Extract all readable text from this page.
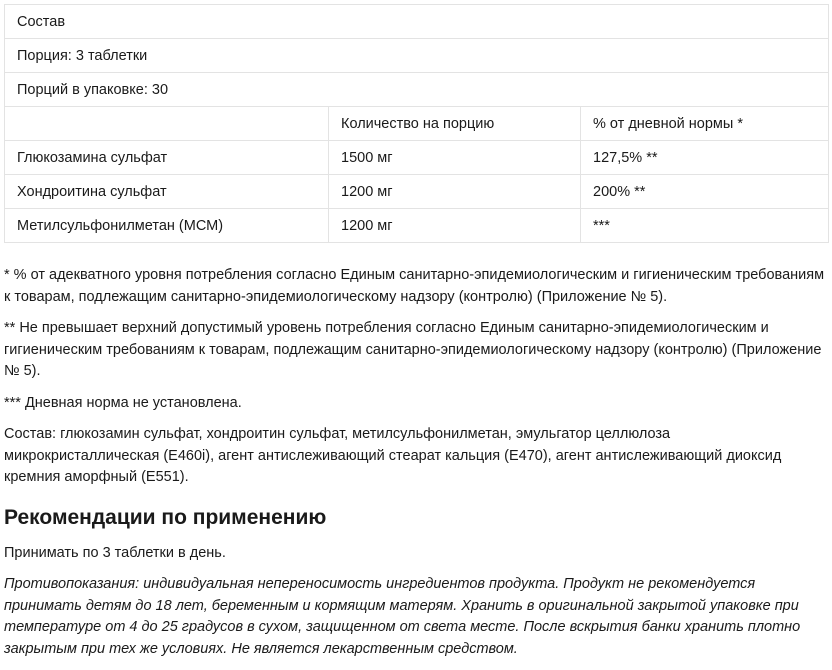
Состав		
Порция: 3 таблетки		
Порций в упаковке: 30		
	Количество на порцию	% от дневной нормы *
Глюкозамина сульфат	1500 мг	127,5% **
Хондроитина сульфат	1200 мг	200% **
Метилсульфонилметан (МСМ)	1200 мг	***

* % от адекватного уровня потребления согласно Единым санитарно-эпидемиологическим и гигиеническим требованиям к товарам, подлежащим санитарно-эпидемиологическому надзору (контролю) (Приложение № 5).

** Не превышает верхний допустимый уровень потребления согласно Единым санитарно-эпидемиологическим и гигиеническим требованиям к товарам, подлежащим санитарно-эпидемиологическому надзору (контролю) (Приложение № 5).

*** Дневная норма не установлена.

Состав: глюкозамин сульфат, хондроитин сульфат, метилсульфонилметан, эмульгатор целлюлоза микрокристаллическая (E460i), агент антислеживающий стеарат кальция (E470), агент антислеживающий диоксид кремния аморфный (E551).

Рекомендации по применению

Принимать по 3 таблетки в день.

Противопоказания: индивидуальная непереносимость ингредиентов продукта. Продукт не рекомендуется принимать детям до 18 лет, беременным и кормящим матерям. Хранить в оригинальной закрытой упаковке при температуре от 4 до 25 градусов в сухом, защищенном от света месте. После вскрытия банки хранить плотно закрытым при тех же условиях. Не является лекарственным средством.
